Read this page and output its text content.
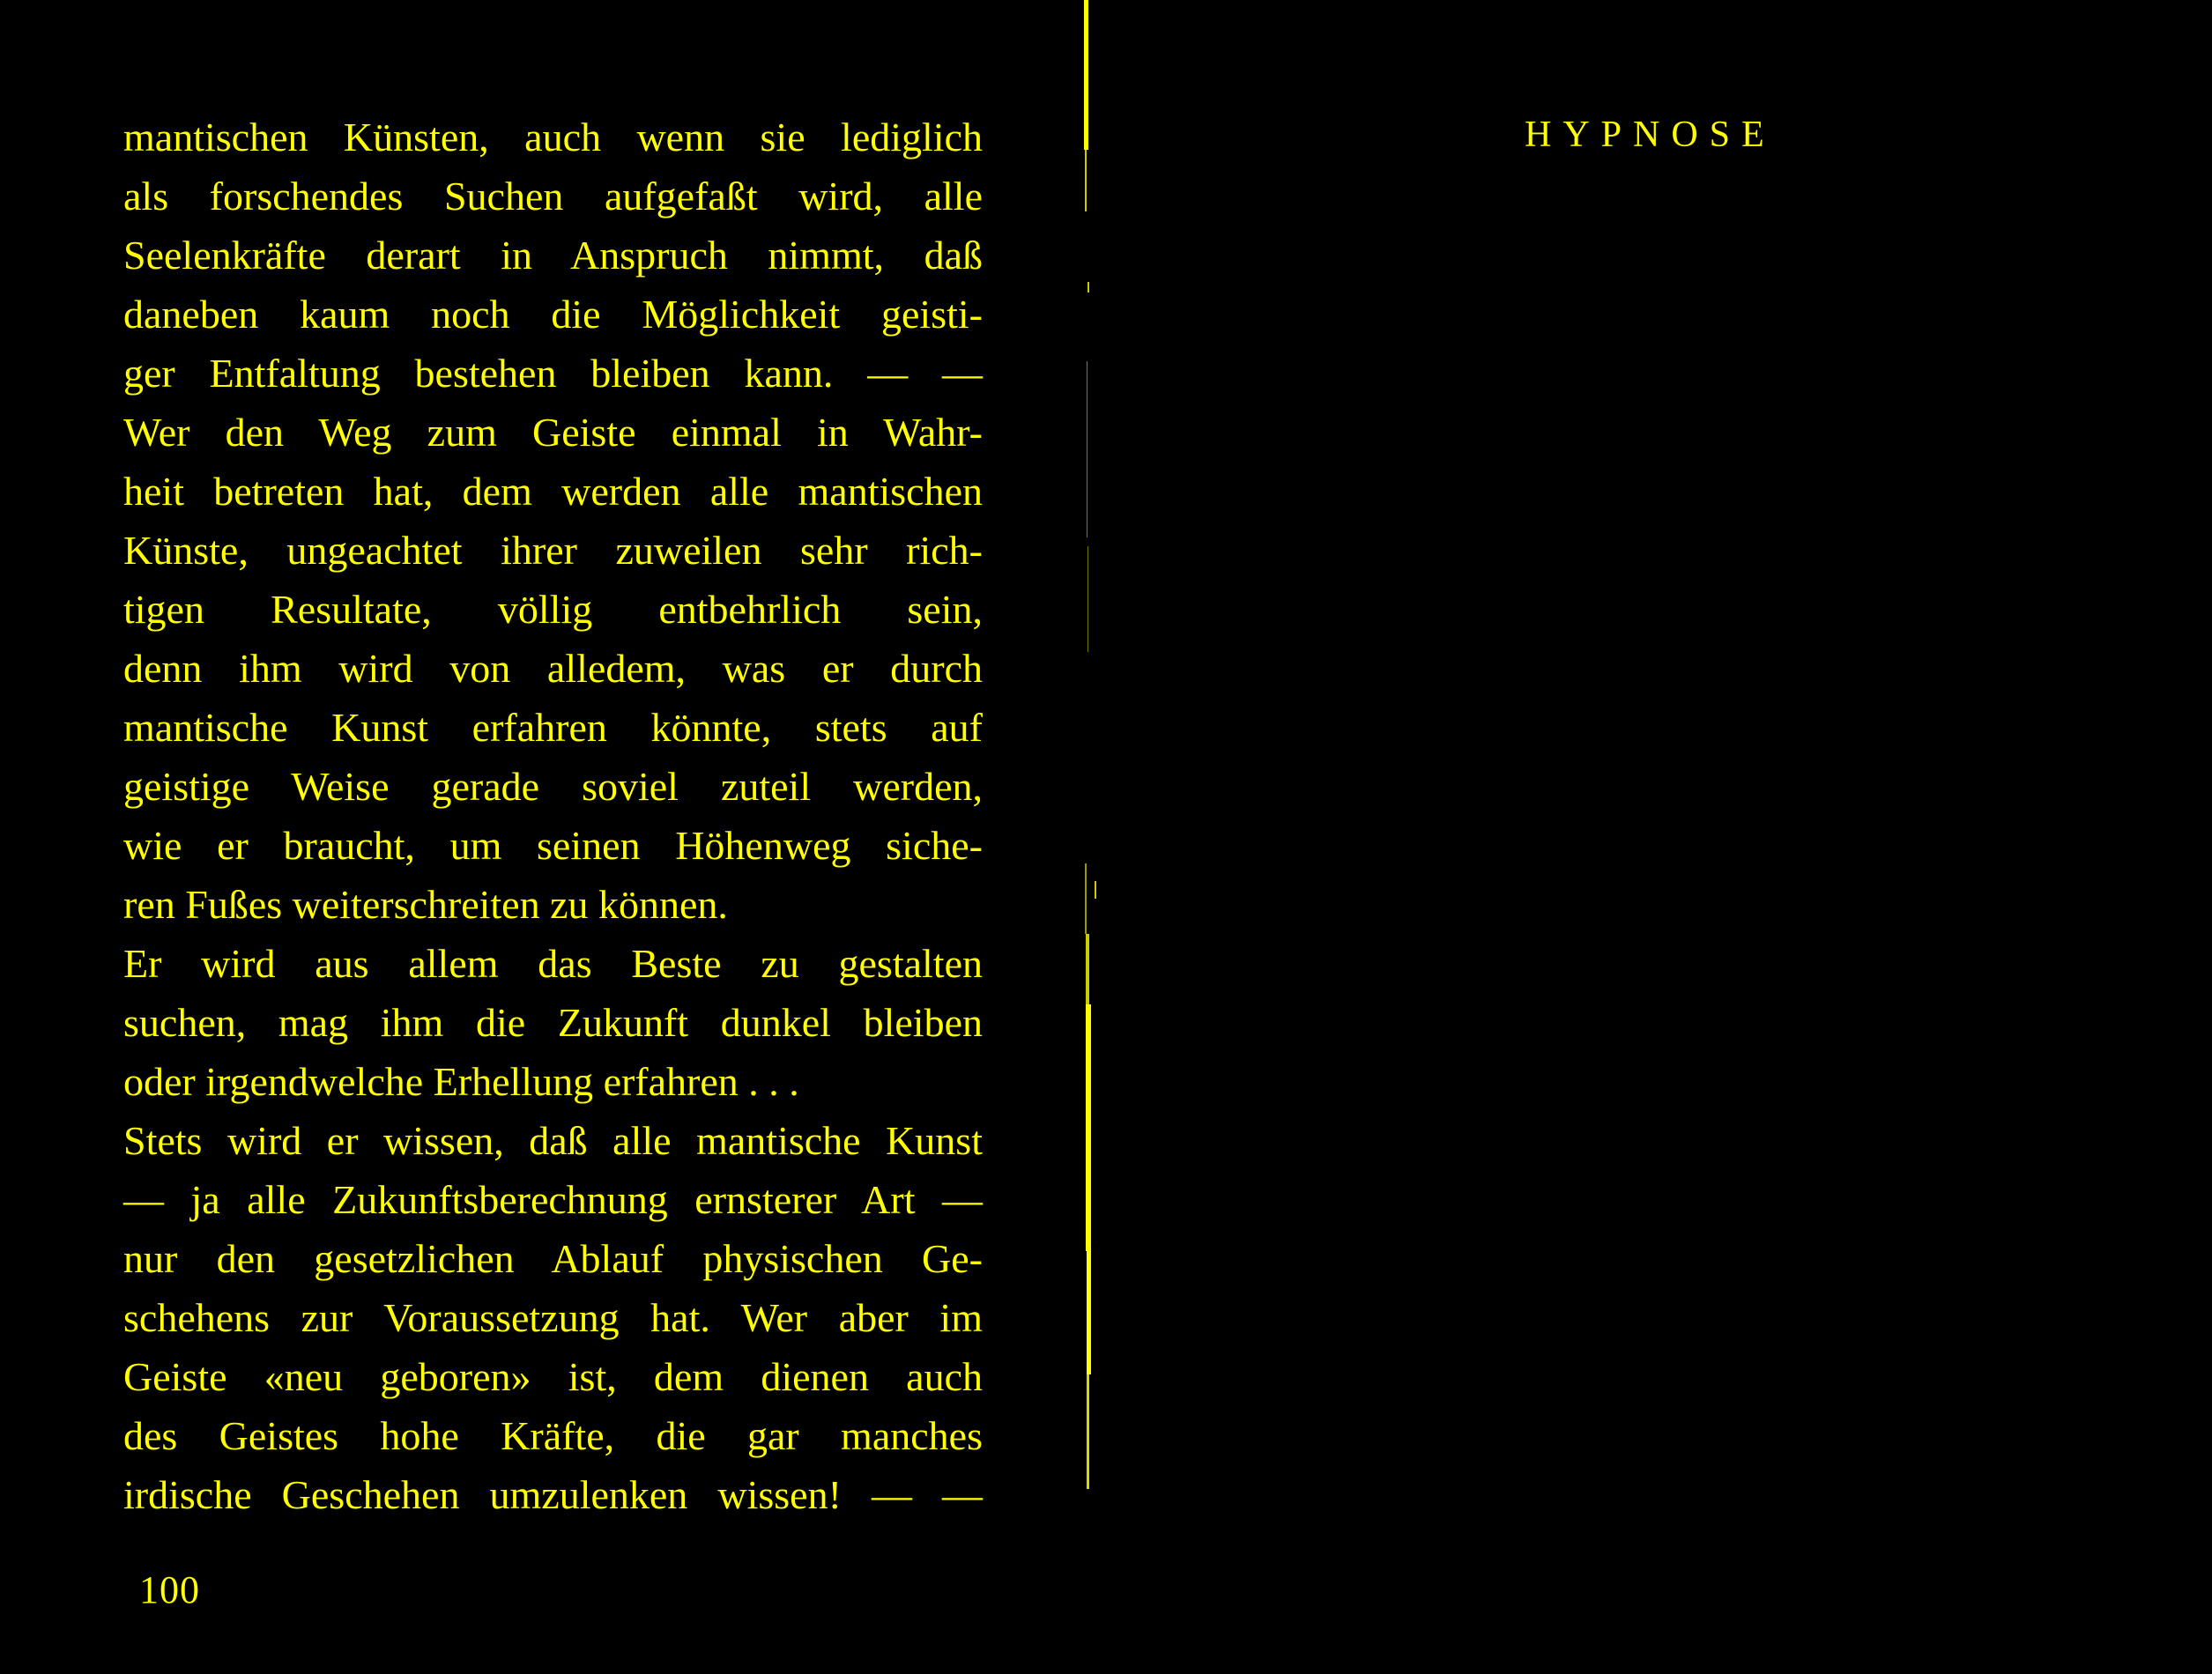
mantischen Künsten, auch wenn sie lediglich
als forschendes Suchen aufgefaßt wird, alle
Seelenkräfte derart in Anspruch nimmt, daß
daneben kaum noch die Möglichkeit geisti-
ger Entfaltung bestehen bleiben kann. — —
Wer den Weg zum Geiste einmal in Wahr-
heit betreten hat, dem werden alle mantischen
Künste, ungeachtet ihrer zuweilen sehr rich-
tigen Resultate, völlig entbehrlich sein,
denn ihm wird von alledem, was er durch
mantische Kunst erfahren könnte, stets auf
geistige Weise gerade soviel zuteil werden,
wie er braucht, um seinen Höhenweg siche-
ren Fußes weiterschreiten zu können.
Er wird aus allem das Beste zu gestalten
suchen, mag ihm die Zukunft dunkel bleiben
oder irgendwelche Erhellung erfahren . . .
Stets wird er wissen, daß alle mantische Kunst
— ja alle Zukunftsberechnung ernsterer Art —
nur den gesetzlichen Ablauf physischen Ge-
schehens zur Voraussetzung hat. Wer aber im
Geiste «neu geboren» ist, dem dienen auch
des Geistes hohe Kräfte, die gar manches
irdische Geschehen umzulenken wissen! — —
100
HYPNOSE
